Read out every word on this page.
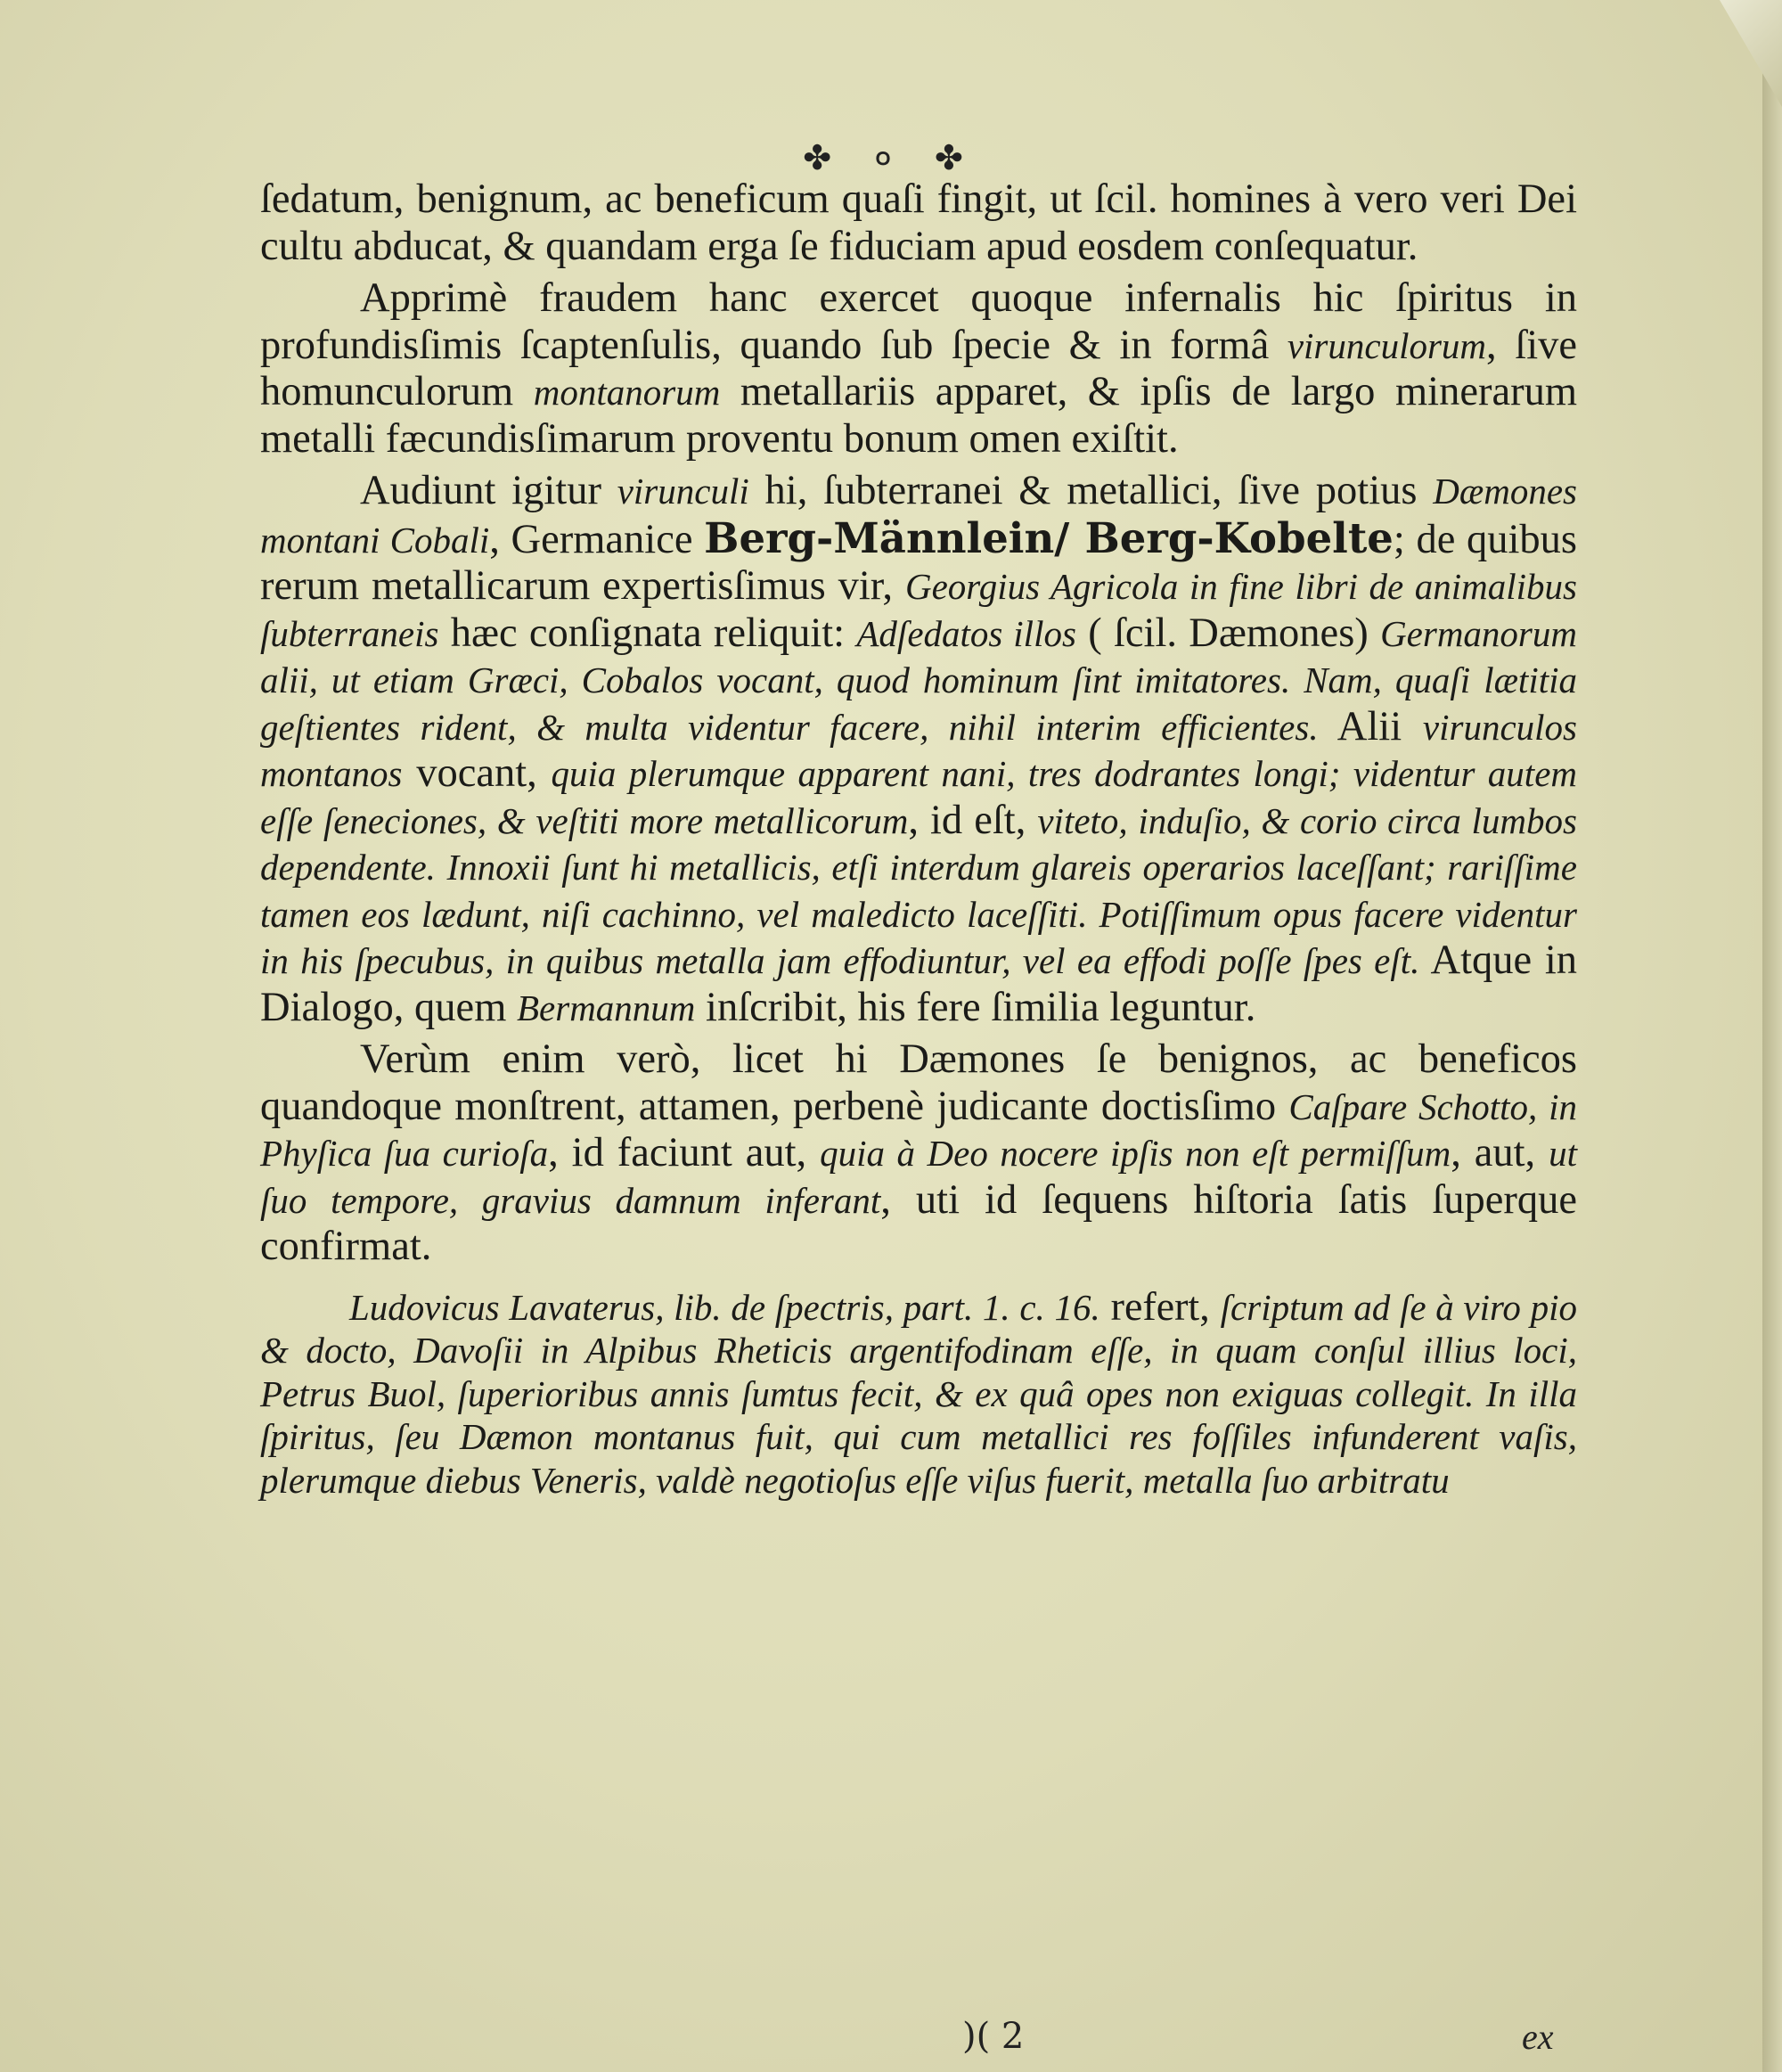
✤ ० ✤

ſedatum, benignum, ac beneficum quaſi fingit, ut ſcil. homines à vero veri Dei cultu abducat, & quandam erga ſe fiduciam apud eosdem conſequatur.

Apprimè fraudem hanc exercet quoque infernalis hic ſpiritus in profundisſimis ſcaptenſulis, quando ſub ſpecie & in formâ virunculorum, ſive homunculorum montanorum metallariis apparet, & ipſis de largo minerarum metalli fæcundisſimarum proventu bonum omen exiſtit.

Audiunt igitur virunculi hi, ſubterranei & metallici, ſive potius Dæmones montani Cobali, Germanice Berg-Männlein/ Berg-Kobelte; de quibus rerum metallicarum expertisſimus vir, Georgius Agricola in fine libri de animalibus ſubterraneis hæc conſignata reliquit: Adſedatos illos ( ſcil. Dæmones) Germanorum alii, ut etiam Græci, Cobalos vocant, quod hominum ſint imitatores. Nam, quaſi lætitia geſtientes rident, & multa videntur facere, nihil interim efficientes. Alii virunculos montanos vocant, quia plerumque apparent nani, tres dodrantes longi; videntur autem eſſe ſeneciones, & veſtiti more metallicorum, id eſt, viteto, induſio, & corio circa lumbos dependente. Innoxii ſunt hi metallicis, etſi interdum glareis operarios laceſſant; rariſſime tamen eos lædunt, niſi cachinno, vel maledicto laceſſiti. Potiſſimum opus facere videntur in his ſpecubus, in quibus metalla jam effodiuntur, vel ea effodi poſſe ſpes eſt. Atque in Dialogo, quem Bermannum inſcribit, his fere ſimilia leguntur.

Verùm enim verò, licet hi Dæmones ſe benignos, ac beneficos quandoque monſtrent, attamen, perbenè judicante doctisſimo Caſpare Schotto, in Phyſica ſua curioſa, id faciunt aut, quia à Deo nocere ipſis non eſt permiſſum, aut, ut ſuo tempore, gravius damnum inferant, uti id ſequens hiſtoria ſatis ſuperque confirmat.

Ludovicus Lavaterus, lib. de ſpectris, part. 1. c. 16. refert, ſcriptum ad ſe à viro pio & docto, Davoſii in Alpibus Rheticis argentifodinam eſſe, in quam conſul illius loci, Petrus Buol, ſuperioribus annis ſumtus fecit, & ex quâ opes non exiguas collegit. In illa ſpiritus, ſeu Dæmon montanus fuit, qui cum metallici res foſſiles infunderent vaſis, plerumque diebus Veneris, valdè negotioſus eſſe viſus fuerit, metalla ſuo arbitratu

)( 2	ex
